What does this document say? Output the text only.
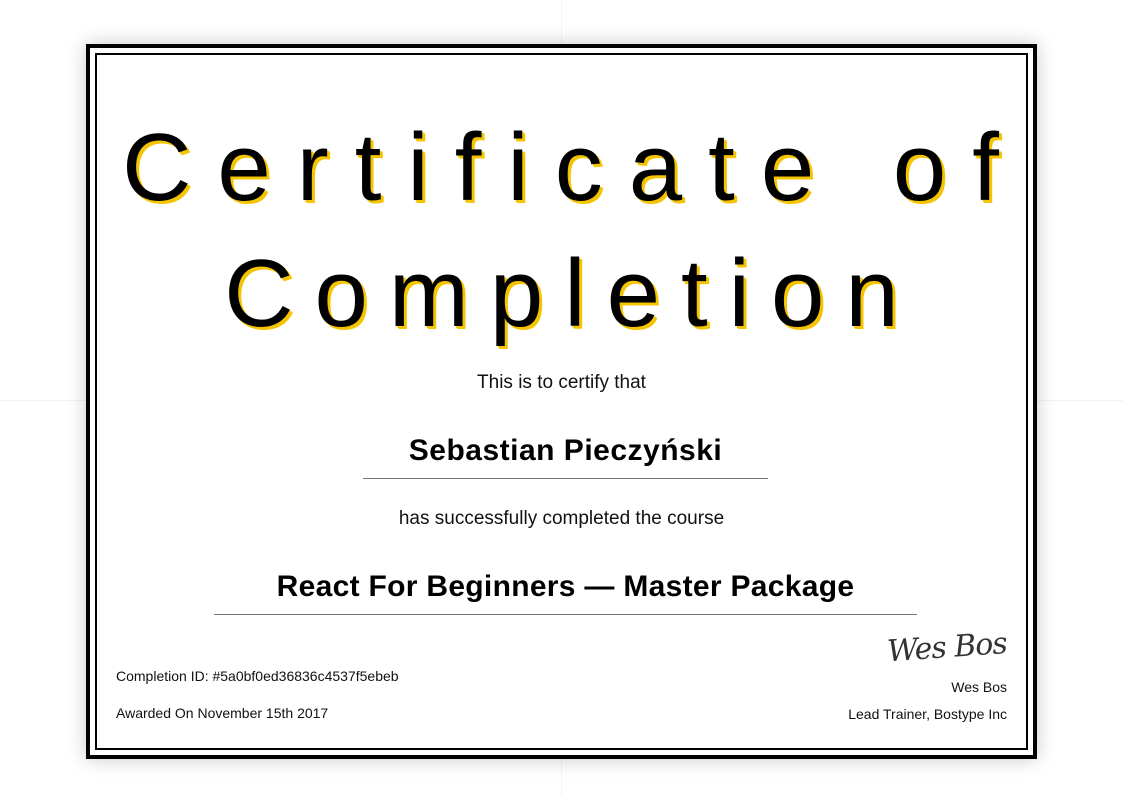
Certificate of
Completion
This is to certify that
Sebastian Pieczyński
has successfully completed the course
React For Beginners — Master Package
Completion ID: #5a0bf0ed36836c4537f5ebeb
Awarded On November 15th 2017
Wes Bos
Wes Bos
Lead Trainer, Bostype Inc
